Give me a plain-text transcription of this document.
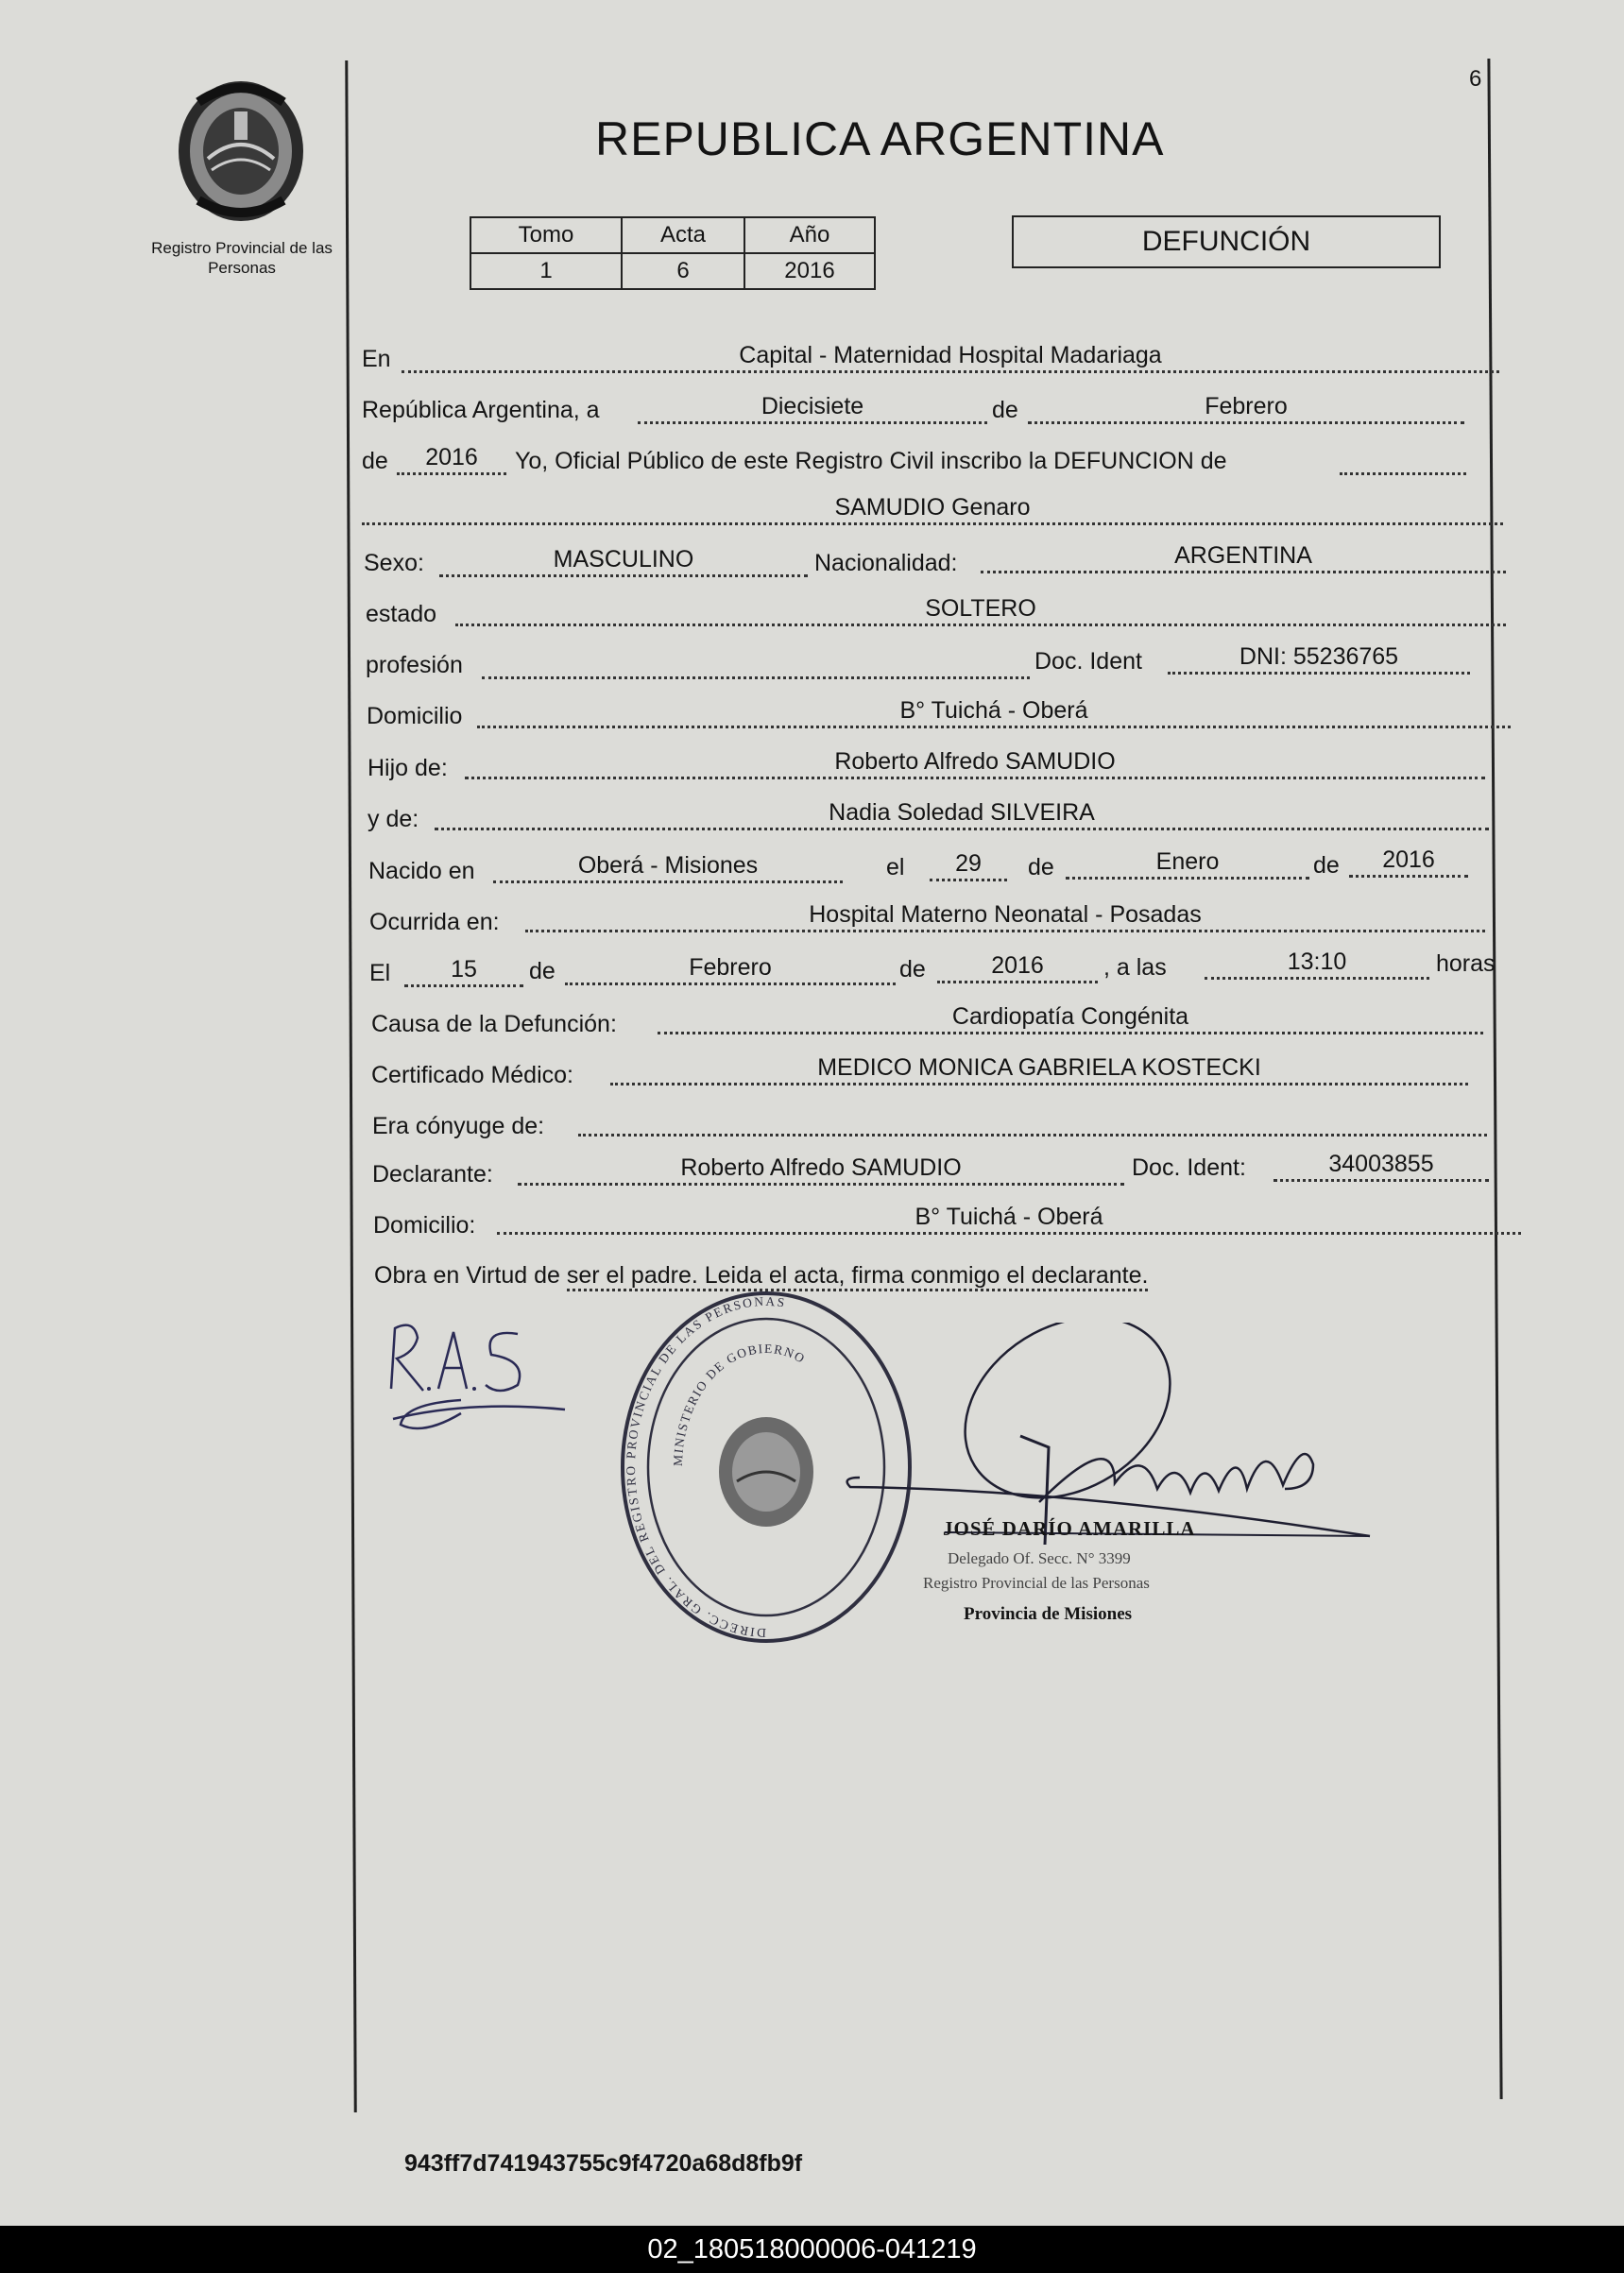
Registro Provincial de las Personas
6
REPUBLICA ARGENTINA
Tomo	Acta	Año
1	6	2016
DEFUNCIÓN
En	Capital - Maternidad Hospital Madariaga
República Argentina, a	Diecisiete	de	Febrero
de	2016	Yo, Oficial Público de este Registro Civil inscribo la DEFUNCION de
SAMUDIO Genaro
Sexo:	MASCULINO	Nacionalidad:	ARGENTINA
estado	SOLTERO
profesión	Doc. Ident	DNI: 55236765
Domicilio	B° Tuichá - Oberá
Hijo de:	Roberto Alfredo SAMUDIO
y de:	Nadia Soledad SILVEIRA
Nacido en	Oberá - Misiones	el	29	de	Enero	de	2016
Ocurrida en:	Hospital Materno Neonatal - Posadas
El	15	de	Febrero	de	2016	, a las	13:10	horas
Causa de la Defunción:	Cardiopatía Congénita
Certificado Médico:	MEDICO MONICA GABRIELA KOSTECKI
Era cónyuge de:
Declarante:	Roberto Alfredo SAMUDIO	Doc. Ident:	34003855
Domicilio:	B° Tuichá - Oberá
Obra en Virtud de ser el padre. Leida el acta, firma conmigo el declarante.
DIRECC. GRAL. DEL REGISTRO PROVINCIAL DE LAS PERSONAS
MINISTERIO DE GOBIERNO
JOSÉ DARÍO AMARILLA
Delegado Of. Secc. N° 3399
Registro Provincial de las Personas
Provincia de Misiones
943ff7d741943755c9f4720a68d8fb9f
02_180518000006-041219
